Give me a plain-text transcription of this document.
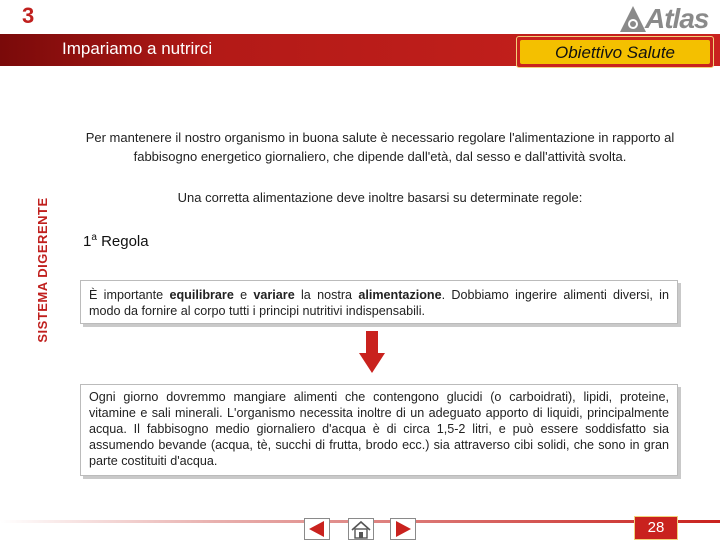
3	Atlas
Impariamo a nutrirci	Obiettivo Salute
SISTEMA DIGERENTE
Per mantenere il nostro organismo in buona salute è necessario regolare l'alimentazione in rapporto al fabbisogno energetico giornaliero, che dipende dall'età, dal sesso e dall'attività svolta.
Una corretta alimentazione deve inoltre basarsi su determinate regole:
1$^a$ Regola

È importante equilibrare e variare la nostra alimentazione. Dobbiamo ingerire alimenti diversi, in modo da fornire al corpo tutti i principi nutritivi indispensabili.

Ogni giorno dovremmo mangiare alimenti che contengono glucidi (o carboidrati), lipidi, proteine, vitamine e sali minerali. L'organismo necessita inoltre di un adeguato apporto di liquidi, principalmente acqua. Il fabbisogno medio giornaliero d'acqua è di circa 1,5-2 litri, e può essere soddisfatto sia assumendo bevande (acqua, tè, succhi di frutta, brodo ecc.) sia attraverso cibi solidi, che sono in gran parte costituiti d'acqua.

28
